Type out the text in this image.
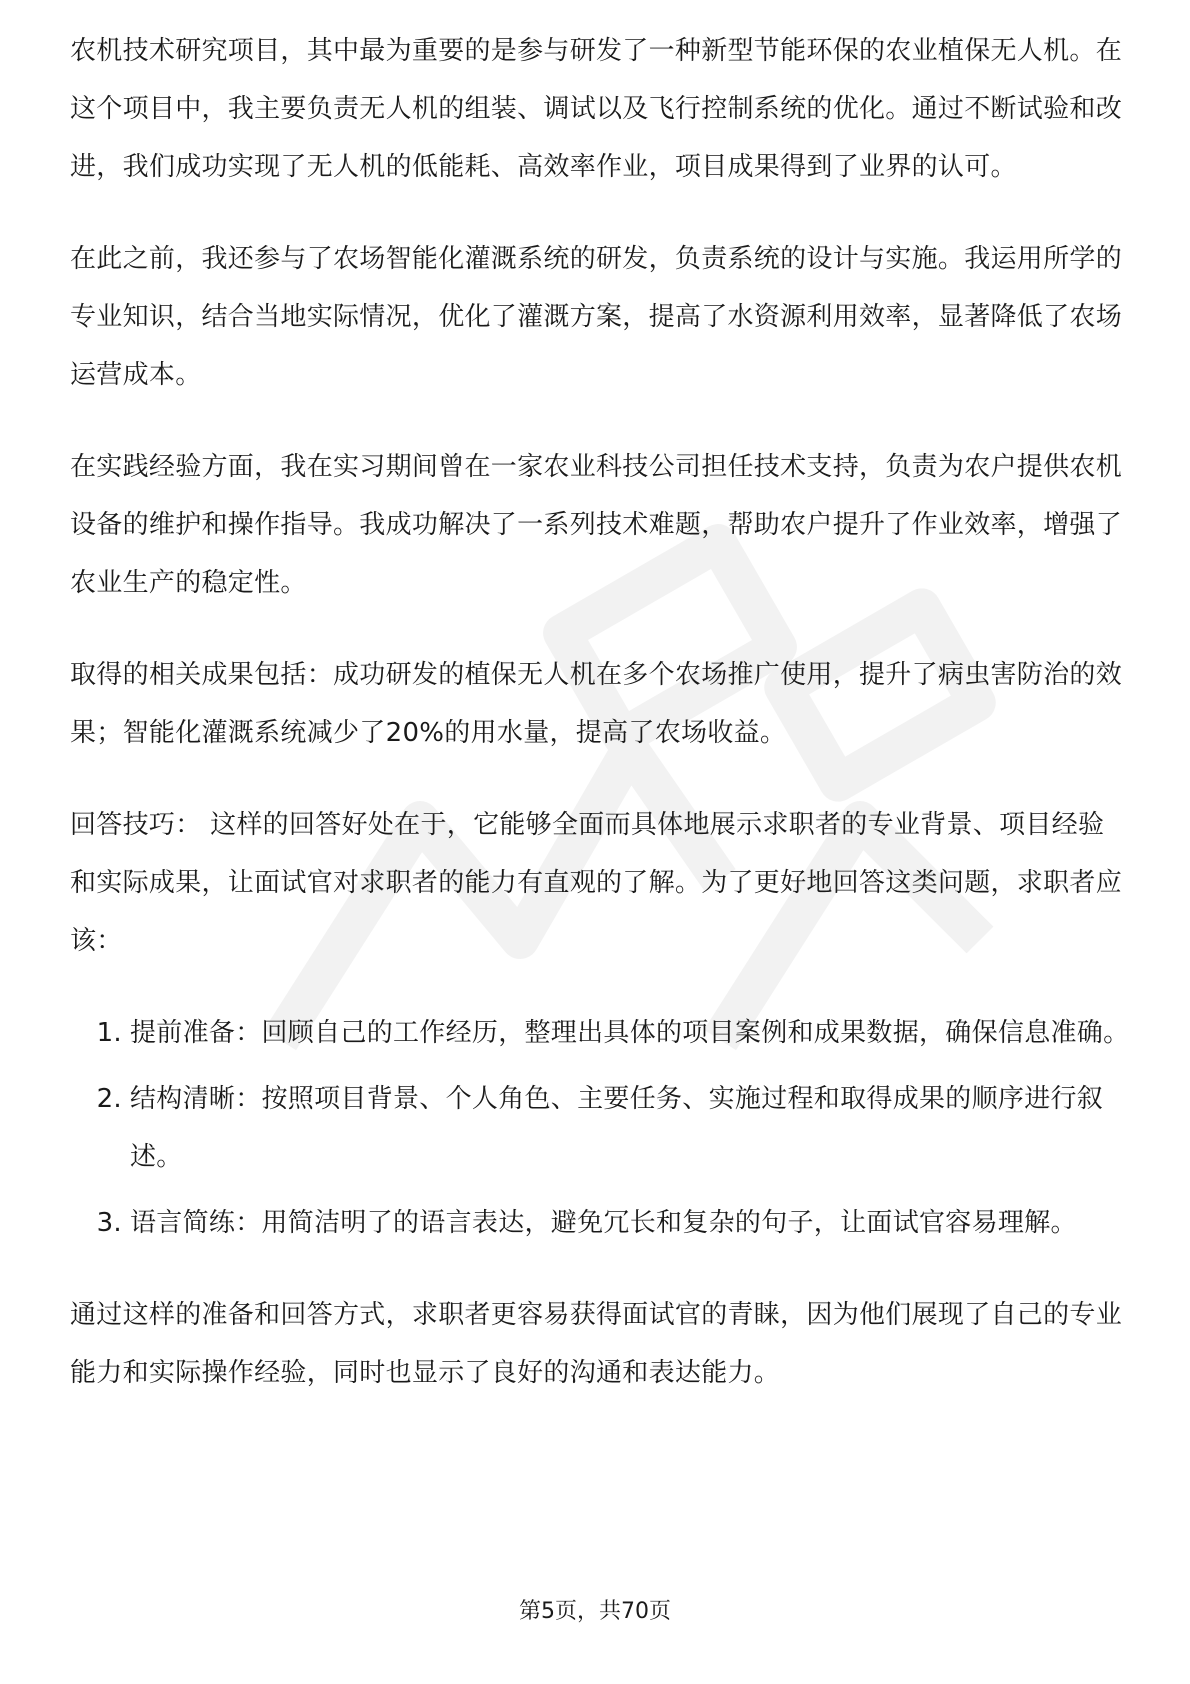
农机技术研究项目，其中最为重要的是参与研发了一种新型节能环保的农业植保无人机。在这个项目中，我主要负责无人机的组装、调试以及飞行控制系统的优化。通过不断试验和改进，我们成功实现了无人机的低能耗、高效率作业，项目成果得到了业界的认可。

在此之前，我还参与了农场智能化灌溉系统的研发，负责系统的设计与实施。我运用所学的专业知识，结合当地实际情况，优化了灌溉方案，提高了水资源利用效率，显著降低了农场运营成本。

在实践经验方面，我在实习期间曾在一家农业科技公司担任技术支持，负责为农户提供农机设备的维护和操作指导。我成功解决了一系列技术难题，帮助农户提升了作业效率，增强了农业生产的稳定性。

取得的相关成果包括：成功研发的植保无人机在多个农场推广使用，提升了病虫害防治的效果；智能化灌溉系统减少了20%的用水量，提高了农场收益。

回答技巧： 这样的回答好处在于，它能够全面而具体地展示求职者的专业背景、项目经验和实际成果，让面试官对求职者的能力有直观的了解。为了更好地回答这类问题，求职者应该：

1. 提前准备：回顾自己的工作经历，整理出具体的项目案例和成果数据，确保信息准确。
2. 结构清晰：按照项目背景、个人角色、主要任务、实施过程和取得成果的顺序进行叙述。
3. 语言简练：用简洁明了的语言表达，避免冗长和复杂的句子，让面试官容易理解。

通过这样的准备和回答方式，求职者更容易获得面试官的青睐，因为他们展现了自己的专业能力和实际操作经验，同时也显示了良好的沟通和表达能力。

第5页，共70页
